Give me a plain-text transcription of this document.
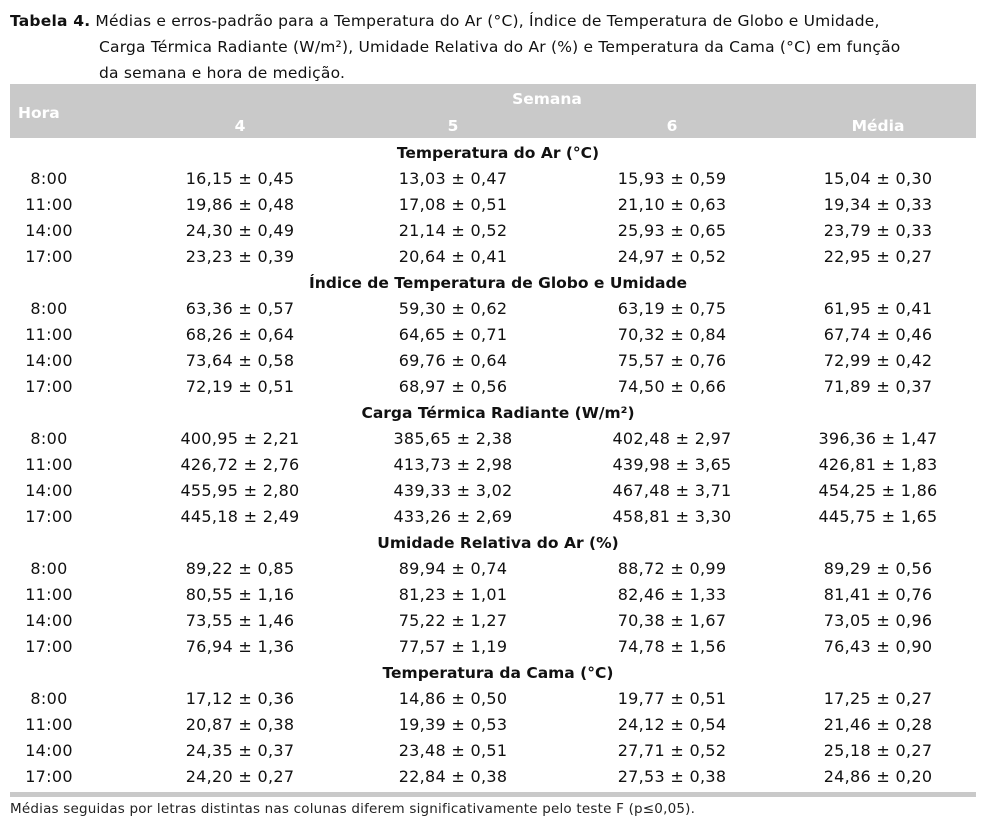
Tabela 4. Médias e erros-padrão para a Temperatura do Ar (°C), Índice de Temperatura de Globo e Umidade,
Carga Térmica Radiante (W/m²), Umidade Relativa do Ar (%) e Temperatura da Cama (°C) em função
da semana e hora de medição.
Hora
Semana
4	5	6	Média
Temperatura do Ar (°C)
8:00	16,15 ± 0,45	13,03 ± 0,47	15,93 ± 0,59	15,04 ± 0,30
11:00	19,86 ± 0,48	17,08 ± 0,51	21,10 ± 0,63	19,34 ± 0,33
14:00	24,30 ± 0,49	21,14 ± 0,52	25,93 ± 0,65	23,79 ± 0,33
17:00	23,23 ± 0,39	20,64 ± 0,41	24,97 ± 0,52	22,95 ± 0,27
Índice de Temperatura de Globo e Umidade
8:00	63,36 ± 0,57	59,30 ± 0,62	63,19 ± 0,75	61,95 ± 0,41
11:00	68,26 ± 0,64	64,65 ± 0,71	70,32 ± 0,84	67,74 ± 0,46
14:00	73,64 ± 0,58	69,76 ± 0,64	75,57 ± 0,76	72,99 ± 0,42
17:00	72,19 ± 0,51	68,97 ± 0,56	74,50 ± 0,66	71,89 ± 0,37
Carga Térmica Radiante (W/m²)
8:00	400,95 ± 2,21	385,65 ± 2,38	402,48 ± 2,97	396,36 ± 1,47
11:00	426,72 ± 2,76	413,73 ± 2,98	439,98 ± 3,65	426,81 ± 1,83
14:00	455,95 ± 2,80	439,33 ± 3,02	467,48 ± 3,71	454,25 ± 1,86
17:00	445,18 ± 2,49	433,26 ± 2,69	458,81 ± 3,30	445,75 ± 1,65
Umidade Relativa do Ar (%)
8:00	89,22 ± 0,85	89,94 ± 0,74	88,72 ± 0,99	89,29 ± 0,56
11:00	80,55 ± 1,16	81,23 ± 1,01	82,46 ± 1,33	81,41 ± 0,76
14:00	73,55 ± 1,46	75,22 ± 1,27	70,38 ± 1,67	73,05 ± 0,96
17:00	76,94 ± 1,36	77,57 ± 1,19	74,78 ± 1,56	76,43 ± 0,90
Temperatura da Cama (°C)
8:00	17,12 ± 0,36	14,86 ± 0,50	19,77 ± 0,51	17,25 ± 0,27
11:00	20,87 ± 0,38	19,39 ± 0,53	24,12 ± 0,54	21,46 ± 0,28
14:00	24,35 ± 0,37	23,48 ± 0,51	27,71 ± 0,52	25,18 ± 0,27
17:00	24,20 ± 0,27	22,84 ± 0,38	27,53 ± 0,38	24,86 ± 0,20
Médias seguidas por letras distintas nas colunas diferem significativamente pelo teste F (p≤0,05).
